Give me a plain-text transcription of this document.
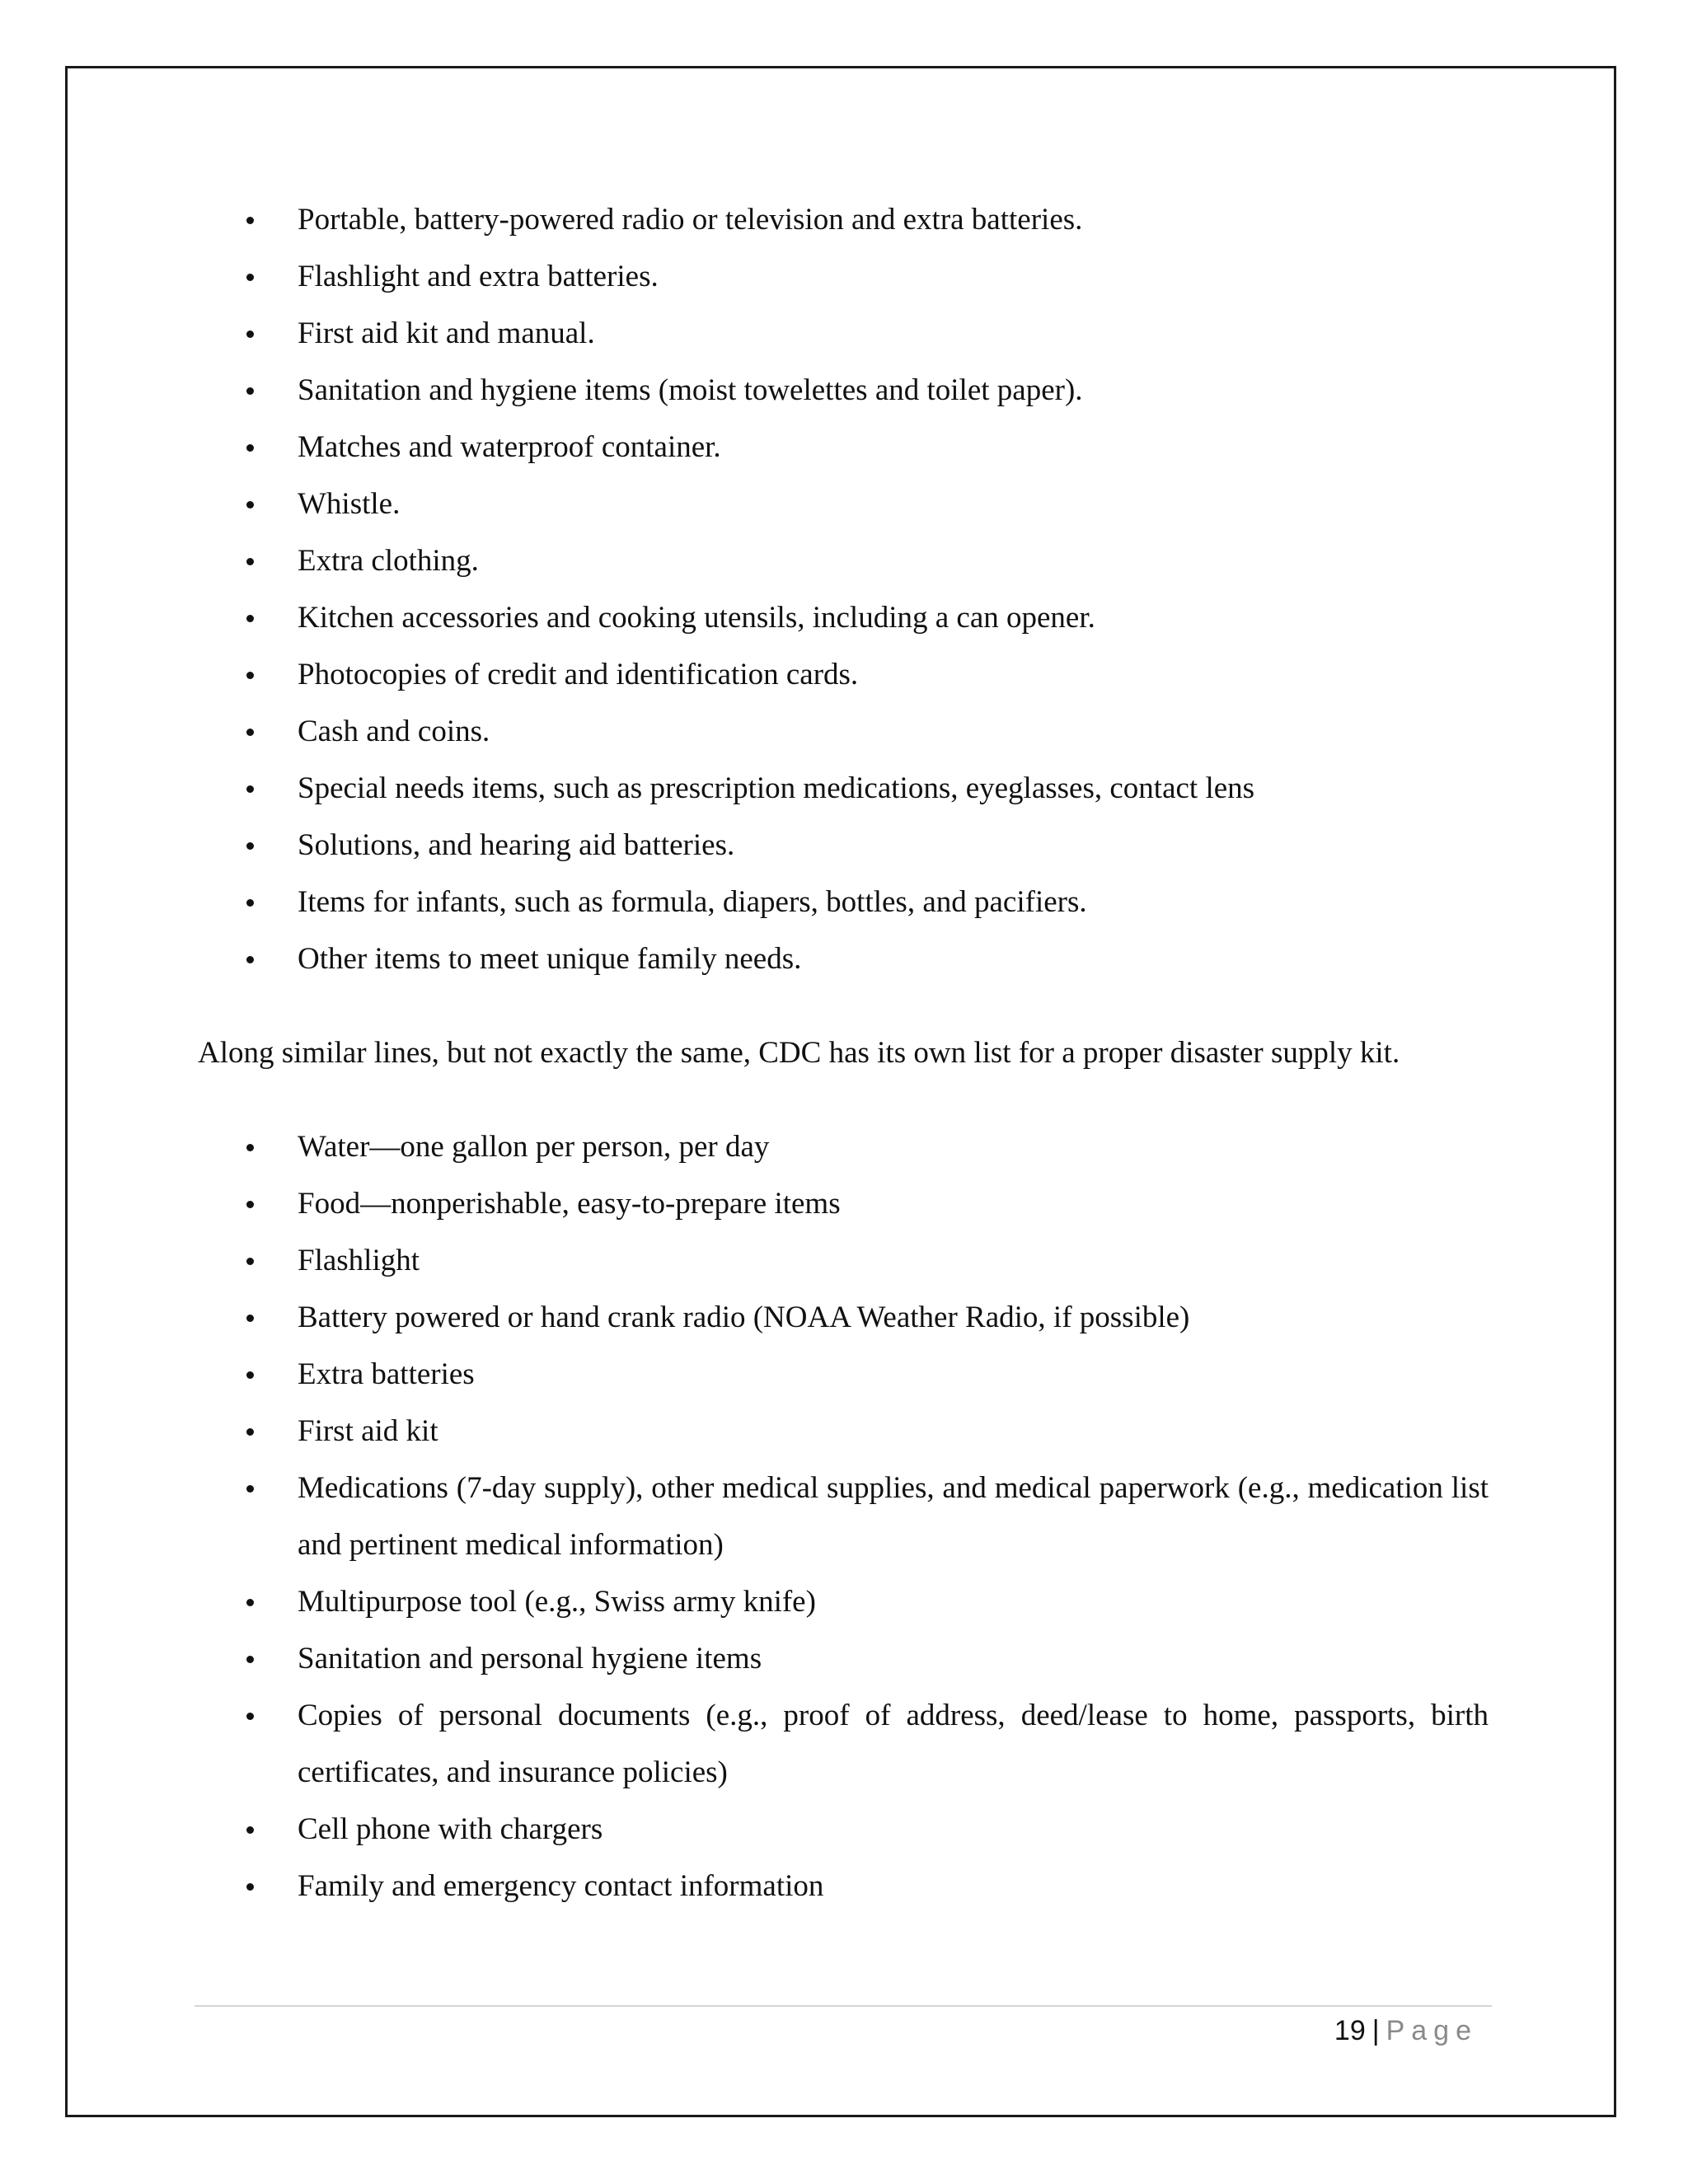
Portable, battery-powered radio or television and extra batteries.
Flashlight and extra batteries.
First aid kit and manual.
Sanitation and hygiene items (moist towelettes and toilet paper).
Matches and waterproof container.
Whistle.
Extra clothing.
Kitchen accessories and cooking utensils, including a can opener.
Photocopies of credit and identification cards.
Cash and coins.
Special needs items, such as prescription medications, eyeglasses, contact lens
Solutions, and hearing aid batteries.
Items for infants, such as formula, diapers, bottles, and pacifiers.
Other items to meet unique family needs.

Along similar lines, but not exactly the same, CDC has its own list for a proper disaster supply kit.

Water—one gallon per person, per day
Food—nonperishable, easy-to-prepare items
Flashlight
Battery powered or hand crank radio (NOAA Weather Radio, if possible)
Extra batteries
First aid kit
Medications (7-day supply), other medical supplies, and medical paperwork (e.g., medication list and pertinent medical information)
Multipurpose tool (e.g., Swiss army knife)
Sanitation and personal hygiene items
Copies of personal documents (e.g., proof of address, deed/lease to home, passports, birth certificates, and insurance policies)
Cell phone with chargers
Family and emergency contact information
19 | Page
